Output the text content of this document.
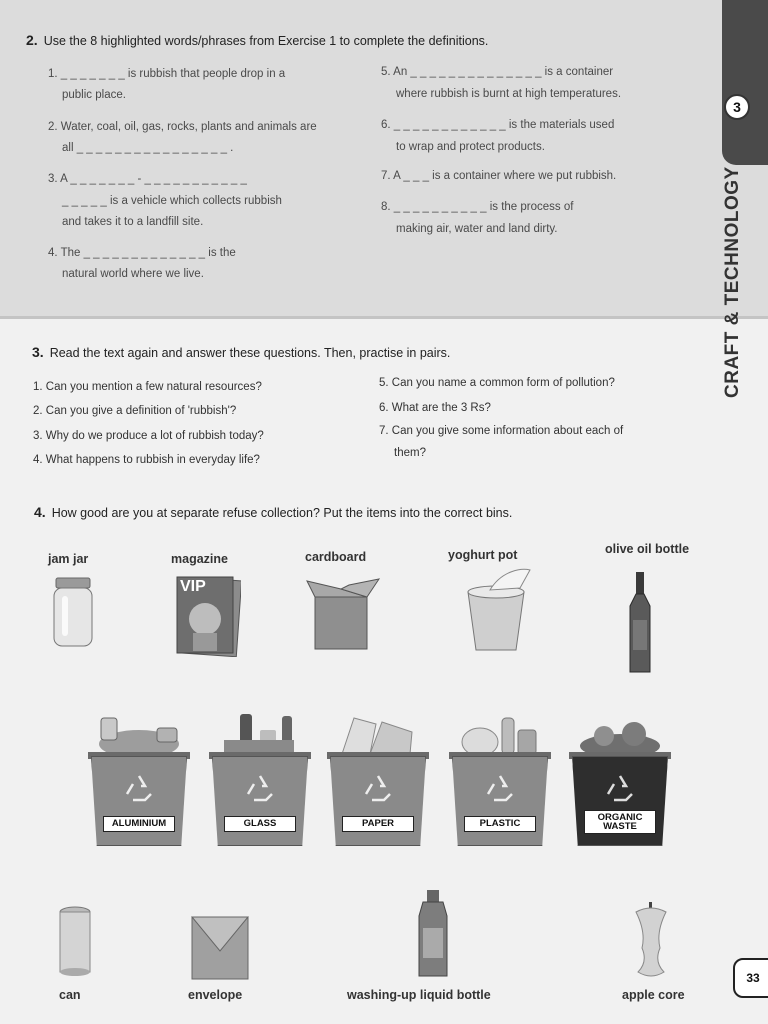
3
CRAFT & TECHNOLOGY
2. Use the 8 highlighted words/phrases from Exercise 1 to complete the definitions.
1. _ _ _ _ _ _ _ is rubbish that people drop in a
public place.
2. Water, coal, oil, gas, rocks, plants and animals are
all _ _ _ _ _ _ _ _ _ _ _ _ _ _ _ _ .
3. A _ _ _ _ _ _ _ - _ _ _ _ _ _ _ _ _ _ _
_ _ _ _ _ is a vehicle which collects rubbish
and takes it to a landfill site.
4. The _ _ _ _ _ _ _ _ _ _ _ _ _ is the
natural world where we live.
5. An _ _ _ _ _ _ _ _ _ _ _ _ _ _ is a container
where rubbish is burnt at high temperatures.
6. _ _ _ _ _ _ _ _ _ _ _ _ is the materials used
to wrap and protect products.
7. A _ _ _ is a container where we put rubbish.
8. _ _ _ _ _ _ _ _ _ _ is the process of
making air, water and land dirty.
3. Read the text again and answer these questions. Then, practise in pairs.
1. Can you mention a few natural resources?
2. Can you give a definition of 'rubbish'?
3. Why do we produce a lot of rubbish today?
4. What happens to rubbish in everyday life?
5. Can you name a common form of pollution?
6. What are the 3 Rs?
7. Can you give some information about each of
them?
4. How good are you at separate refuse collection? Put the items into the correct bins.
jam jar	magazine
VIP
cardboard	yoghurt pot	olive oil bottle
ALUMINIUM	GLASS	PAPER	PLASTIC
ORGANIC WASTE
can	envelope	washing-up liquid bottle	apple core
33
